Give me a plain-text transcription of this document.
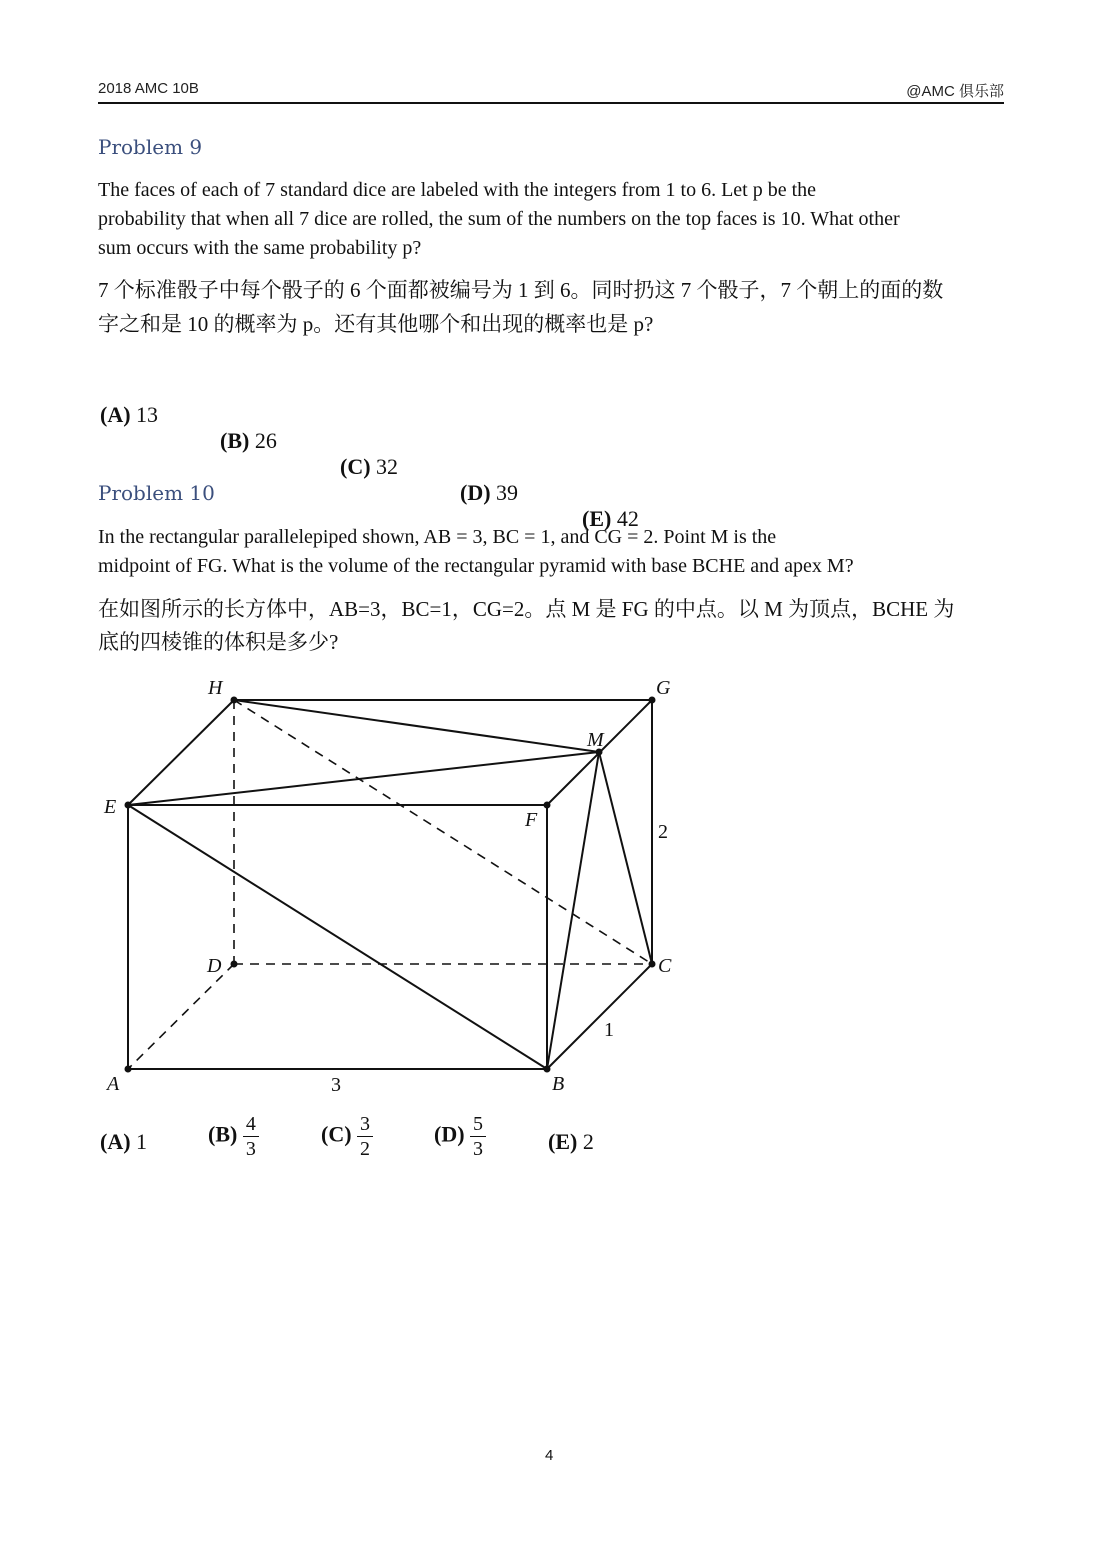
2018 AMC 10B	@AMC 俱乐部
Problem 9
The faces of each of 7 standard dice are labeled with the integers from 1 to 6. Let p be the
probability that when all 7 dice are rolled, the sum of the numbers on the top faces is 10. What other
sum occurs with the same probability p?
7 个标准骰子中每个骰子的 6 个面都被编号为 1 到 6。同时扔这 7 个骰子，7 个朝上的面的数
字之和是 10 的概率为 p。还有其他哪个和出现的概率也是 p?

(A) 13

(B) 26

(C) 32

(D) 39

(E) 42

Problem 10
In the rectangular parallelepiped shown, AB = 3, BC = 1, and CG = 2. Point M is the
midpoint of FG. What is the volume of the rectangular pyramid with base BCHE and apex M?
在如图所示的长方体中，AB=3，BC=1，CG=2。点 M 是 FG 的中点。以 M 为顶点，BCHE 为
底的四棱锥的体积是多少?
H	G
M
E
F
D	C
A	B
2
1
3

(A) 1

	$(B) \frac{4}{3}$

	$(C) \frac{3}{2}$

	$(D) \frac{5}{3}$

	(E) 2

4
